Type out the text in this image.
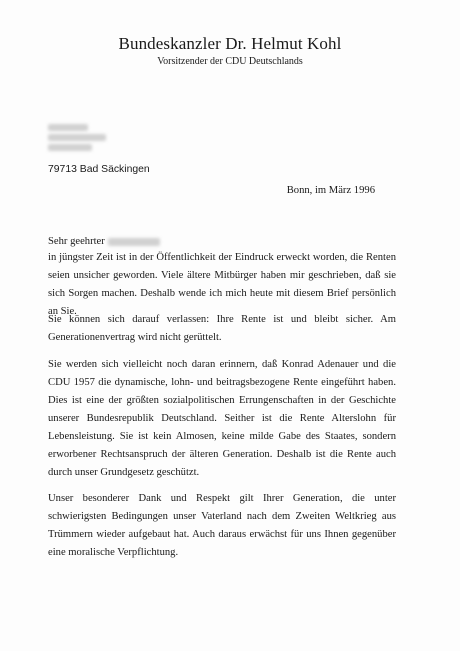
Bundeskanzler Dr. Helmut Kohl
Vorsitzender der CDU Deutschlands
79713 Bad Säckingen
Bonn, im März 1996
Sehr geehrter

in jüngster Zeit ist in der Öffentlichkeit der Eindruck erweckt worden, die Renten seien unsicher geworden. Viele ältere Mitbürger haben mir geschrieben, daß sie sich Sorgen machen. Deshalb wende ich mich heute mit diesem Brief persönlich an Sie.

Sie können sich darauf verlassen: Ihre Rente ist und bleibt sicher. Am Generationenvertrag wird nicht gerüttelt.

Sie werden sich vielleicht noch daran erinnern, daß Konrad Adenauer und die CDU 1957 die dynamische, lohn- und beitragsbezogene Rente eingeführt haben. Dies ist eine der größten sozialpolitischen Errungenschaften in der Geschichte unserer Bundesrepublik Deutschland. Seither ist die Rente Alterslohn für Lebensleistung. Sie ist kein Almosen, keine milde Gabe des Staates, sondern erworbener Rechtsanspruch der älteren Generation. Deshalb ist die Rente auch durch unser Grundgesetz geschützt.

Unser besonderer Dank und Respekt gilt Ihrer Generation, die unter schwierigsten Bedingungen unser Vaterland nach dem Zweiten Weltkrieg aus Trümmern wieder aufgebaut hat. Auch daraus erwächst für uns Ihnen gegenüber eine moralische Verpflichtung.
